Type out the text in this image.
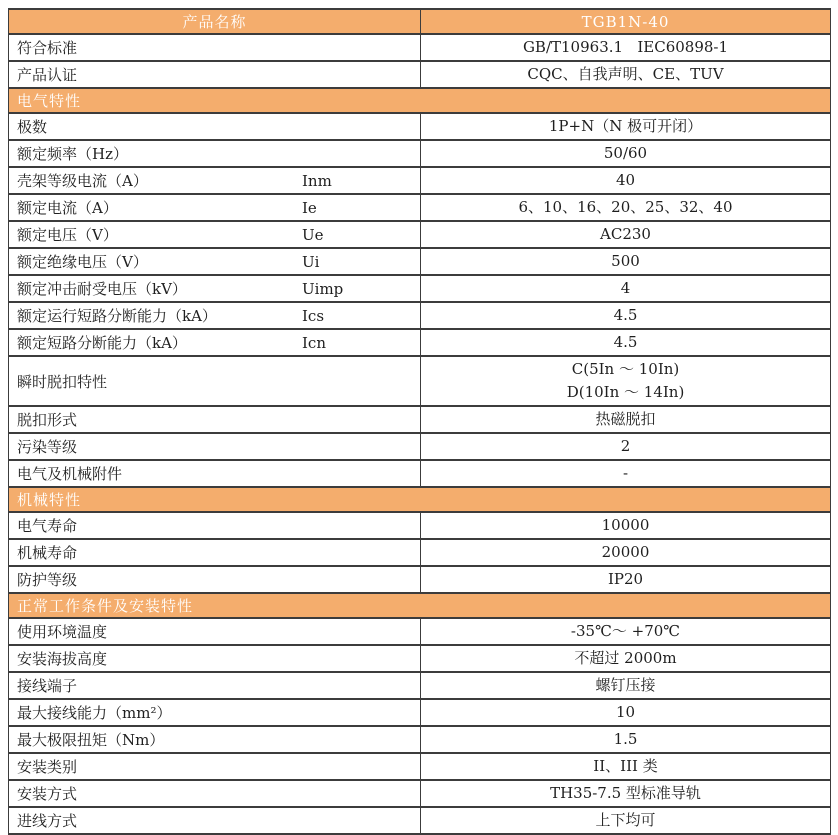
产品名称	TGB1N-40
符合标准	GB/T10963.1   IEC60898-1

产品认证	CQC、自我声明、CE、TUV

电气特性	
极数	1P+N（N 极可开闭）

额定频率（Hz）	50/60

壳架等级电流（A） Inm	40

额定电流（A） Ie	6、10、16、20、25、32、40

额定电压（V） Ue	AC230

额定绝缘电压（V） Ui	500

额定冲击耐受电压（kV） Uimp	4

额定运行短路分断能力（kA） Ics	4.5

额定短路分断能力（kA） Icn	4.5

瞬时脱扣特性	C(5In ～ 10In)
D(10In ～ 14In)

脱扣形式	热磁脱扣

污染等级	2

电气及机械附件	-

机械特性	
电气寿命	10000

机械寿命	20000

防护等级	IP20

正常工作条件及安装特性	
使用环境温度	-35℃～ +70℃

安装海拔高度	不超过 2000m

接线端子	螺钉压接

最大接线能力（mm²）	10

最大极限扭矩（Nm）	1.5

安装类别	II、III 类

安装方式	TH35-7.5 型标准导轨

进线方式	上下均可
